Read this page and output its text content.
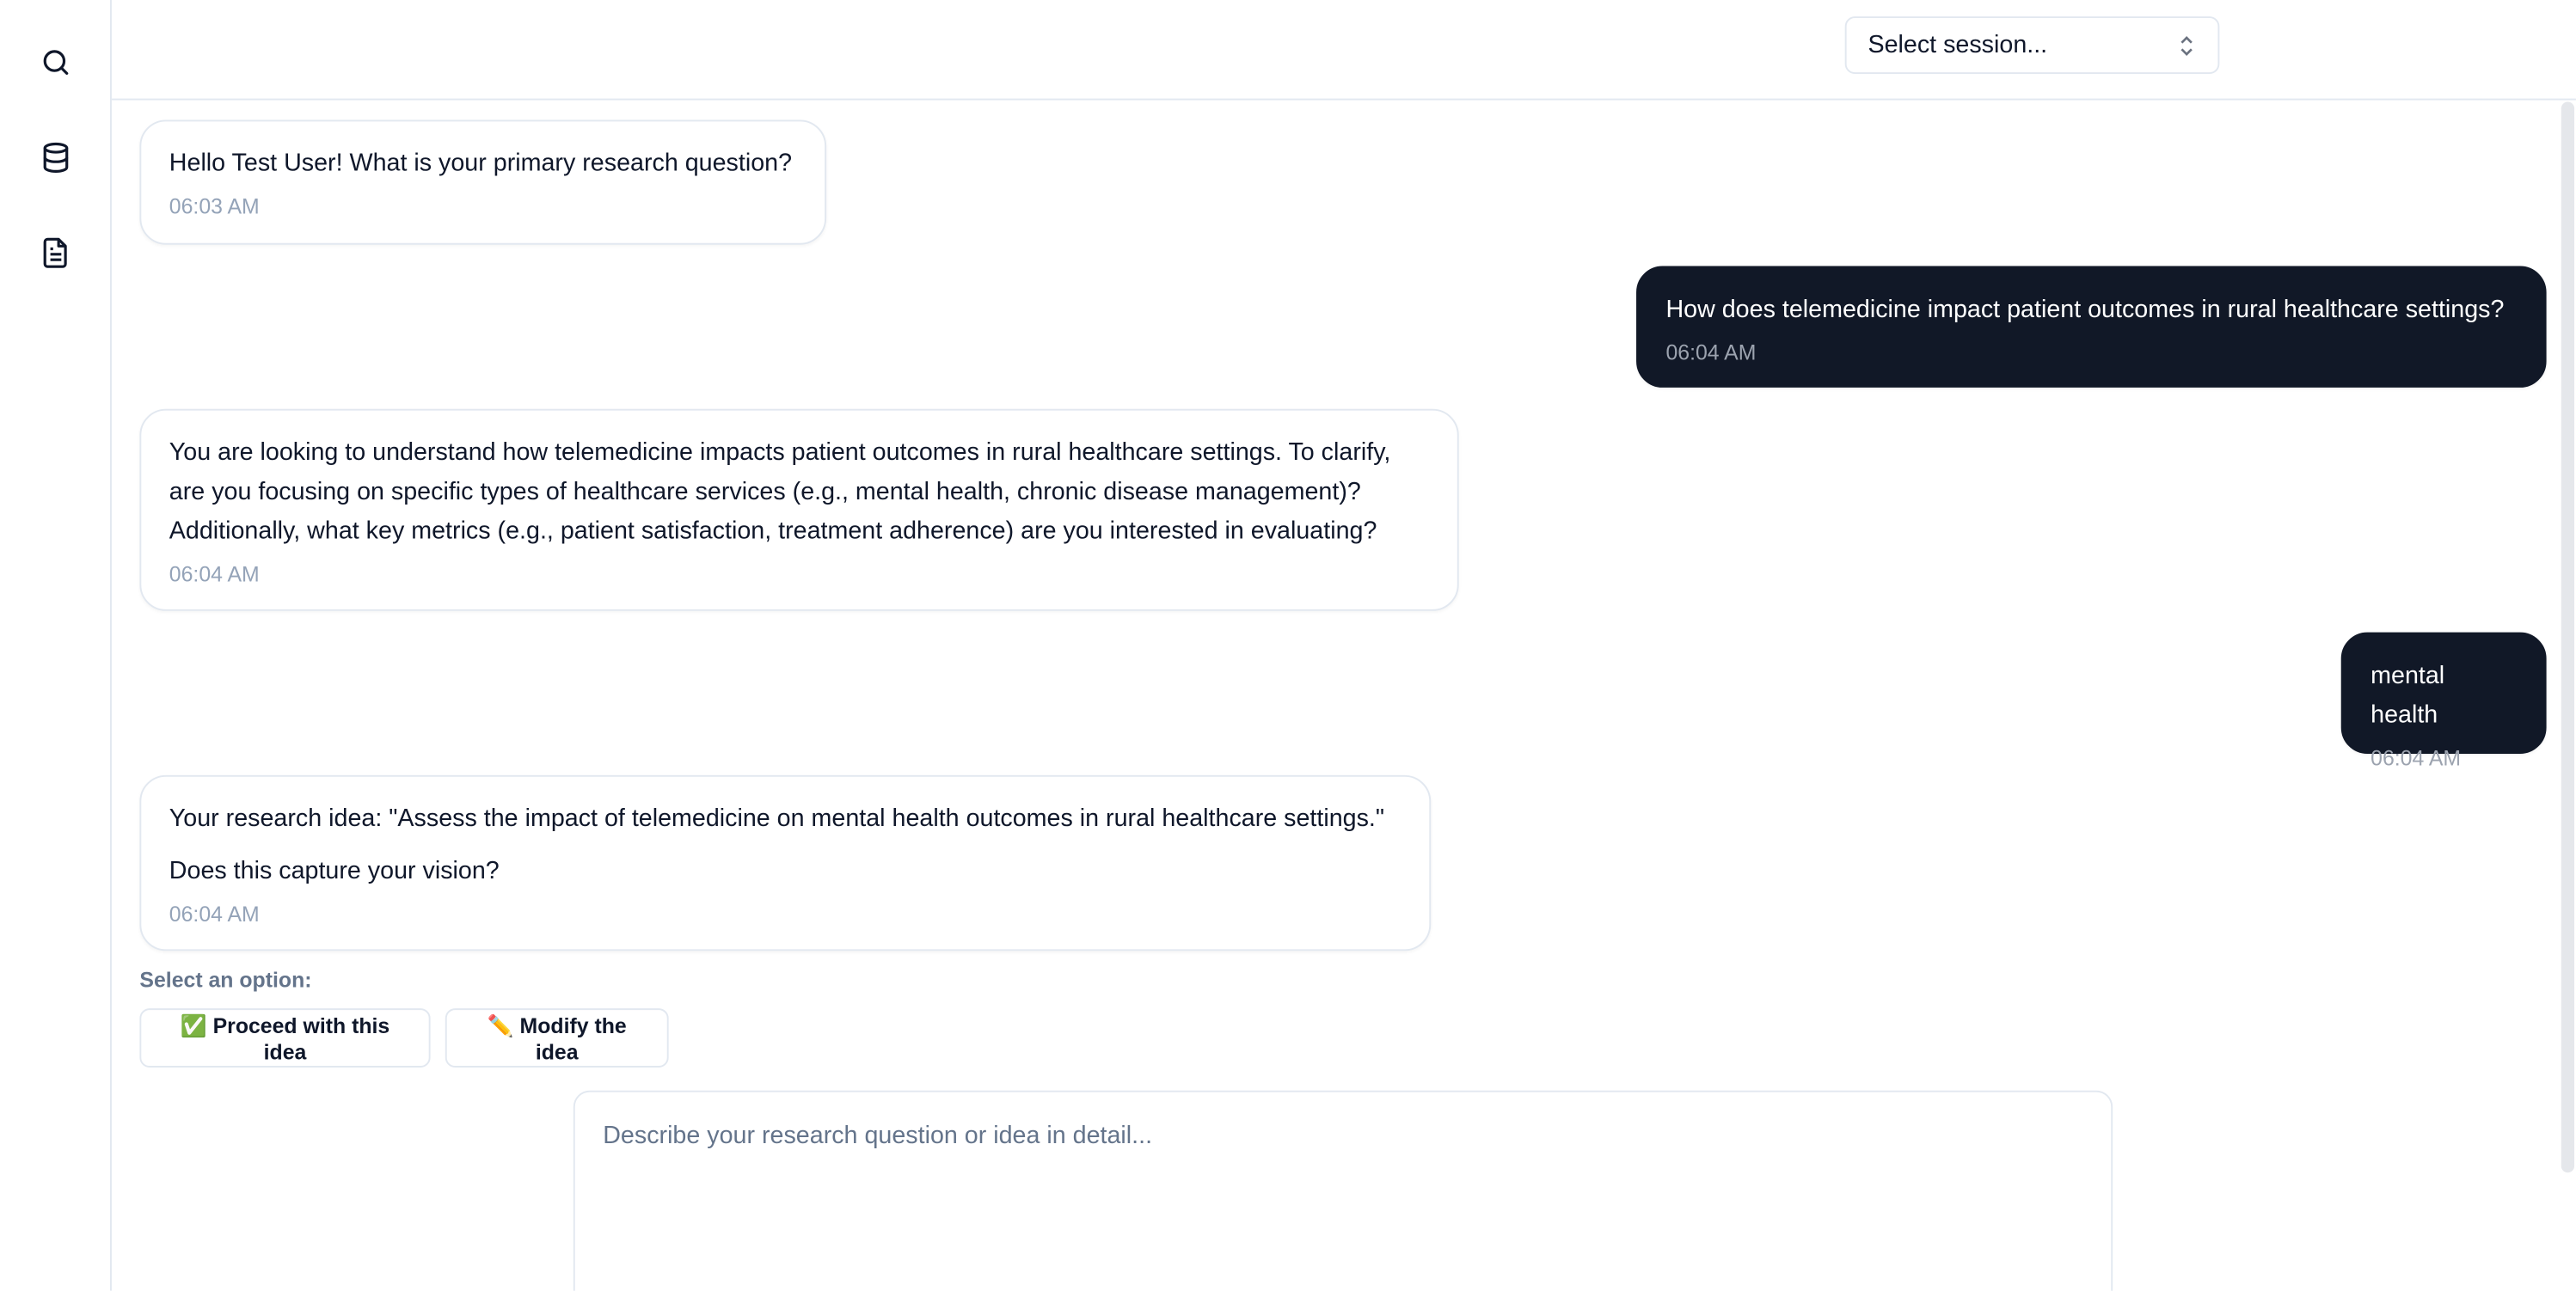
Select session...

Hello Test User! What is your primary research question?

06:03 AM

How does telemedicine impact patient outcomes in rural healthcare settings?

06:04 AM

You are looking to understand how telemedicine impacts patient outcomes in rural healthcare settings. To clarify, are you focusing on specific types of healthcare services (e.g., mental health, chronic disease management)? Additionally, what key metrics (e.g., patient satisfaction, treatment adherence) are you interested in evaluating?

06:04 AM

mental health

06:04 AM

Your research idea: "Assess the impact of telemedicine on mental health outcomes in rural healthcare settings."

Does this capture your vision?

06:04 AM
Select an option:
✅ Proceed with this idea
✏️ Modify the idea
Describe your research question or idea in detail...
